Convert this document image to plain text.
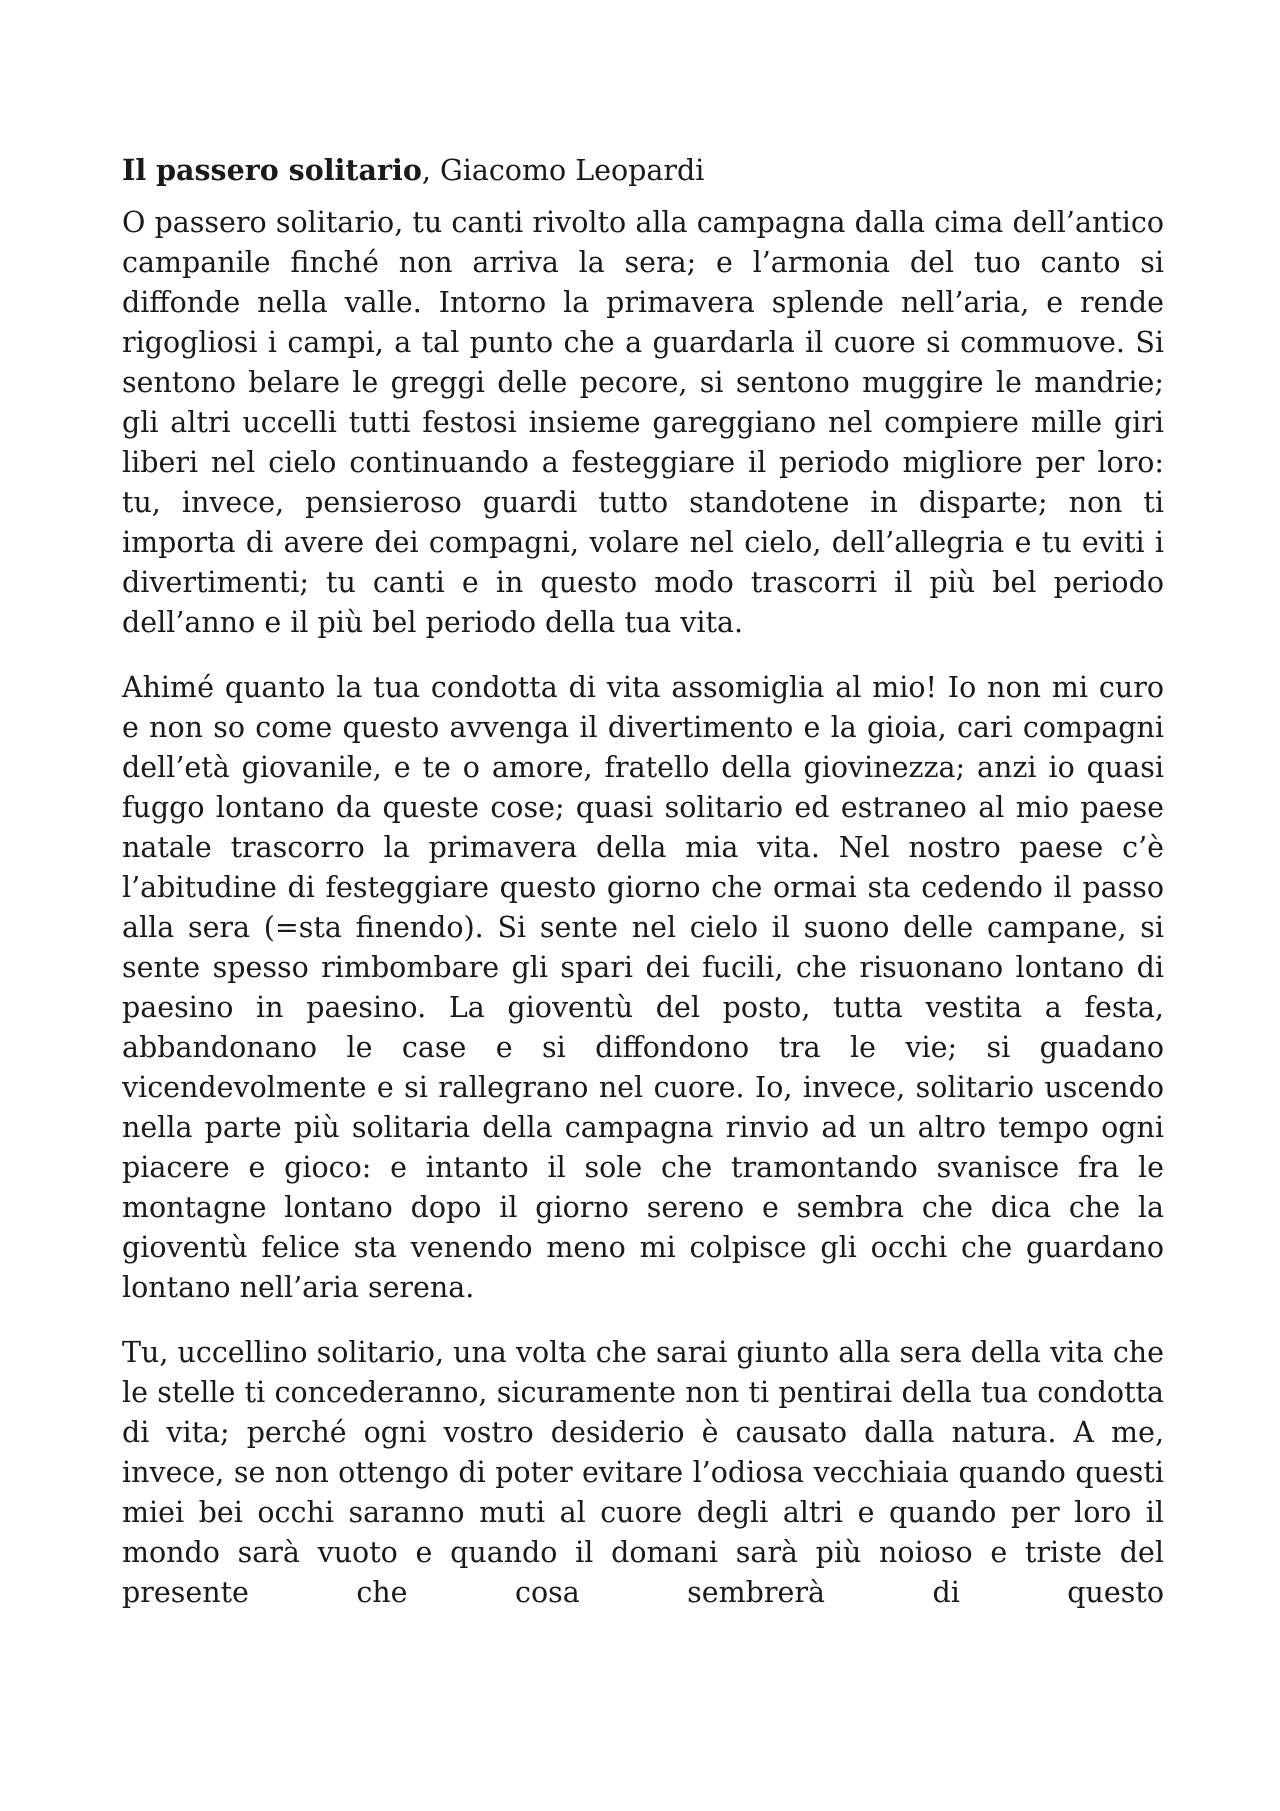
Il passero solitario, Giacomo Leopardi

O passero solitario, tu canti rivolto alla campagna dalla cima dell’antico campanile finché non arriva la sera; e l’armonia del tuo canto si diffonde nella valle. Intorno la primavera splende nell’aria, e rende rigogliosi i campi, a tal punto che a guardarla il cuore si commuove. Si sentono belare le greggi delle pecore, si sentono muggire le mandrie; gli altri uccelli tutti festosi insieme gareggiano nel compiere mille giri liberi nel cielo continuando a festeggiare il periodo migliore per loro: tu, invece, pensieroso guardi tutto standotene in disparte; non ti importa di avere dei compagni, volare nel cielo, dell’allegria e tu eviti i divertimenti; tu canti e in questo modo trascorri il più bel periodo dell’anno e il più bel periodo della tua vita.

Ahimé quanto la tua condotta di vita assomiglia al mio! Io non mi curo e non so come questo avvenga il divertimento e la gioia, cari compagni dell’età giovanile, e te o amore, fratello della giovinezza; anzi io quasi fuggo lontano da queste cose; quasi solitario ed estraneo al mio paese natale trascorro la primavera della mia vita. Nel nostro paese c’è l’abitudine di festeggiare questo giorno che ormai sta cedendo il passo alla sera (=sta finendo). Si sente nel cielo il suono delle campane, si sente spesso rimbombare gli spari dei fucili, che risuonano lontano di paesino in paesino. La gioventù del posto, tutta vestita a festa, abbandonano le case e si diffondono tra le vie; si guadano vicendevolmente e si rallegrano nel cuore. Io, invece, solitario uscendo nella parte più solitaria della campagna rinvio ad un altro tempo ogni piacere e gioco: e intanto il sole che tramontando svanisce fra le montagne lontano dopo il giorno sereno e sembra che dica che la gioventù felice sta venendo meno mi colpisce gli occhi che guardano lontano nell’aria serena.

Tu, uccellino solitario, una volta che sarai giunto alla sera della vita che le stelle ti concederanno, sicuramente non ti pentirai della tua condotta di vita; perché ogni vostro desiderio è causato dalla natura. A me, invece, se non ottengo di poter evitare l’odiosa vecchiaia quando questi miei bei occhi saranno muti al cuore degli altri e quando per loro il mondo sarà vuoto e quando il domani sarà più noioso e triste del presente che cosa sembrerà di questo
